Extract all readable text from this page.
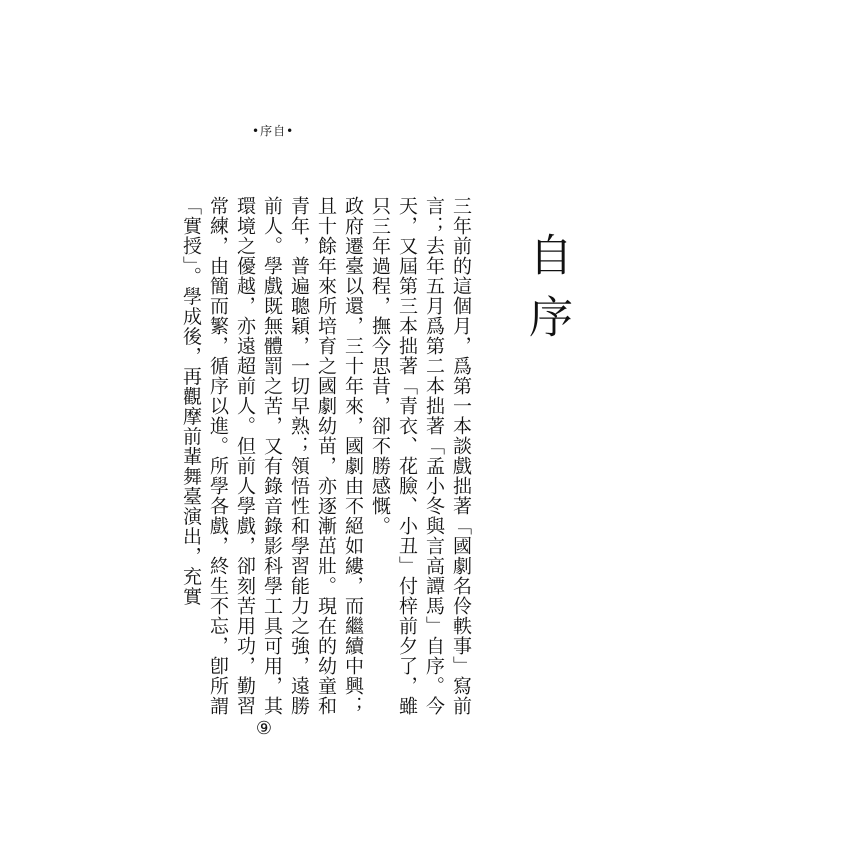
•序自•
自序

三年前的這個月，爲第一本談戲拙著「國劇名伶軼事」寫前言；去年五月爲第二本拙著「孟小冬與言高譚馬」自序。今天，又屆第三本拙著「青衣、花臉、小丑」付梓前夕了，雖只三年過程，撫今思昔，卻不勝感慨。

政府遷臺以還，三十年來，國劇由不絕如縷，而繼續中興；且十餘年來所培育之國劇幼苗，亦逐漸茁壯。現在的幼童和青年，普遍聰穎，一切早熟；領悟性和學習能力之強，遠勝前人。學戲既無體罰之苦，又有錄音錄影科學工具可用，其環境之優越，亦遠超前人。但前人學戲，卻刻苦用功，勤習常練，由簡而繁，循序以進。所學各戲，終生不忘，卽所謂「實授」。學成後，再觀摩前輩舞臺演出，充實

⑨
